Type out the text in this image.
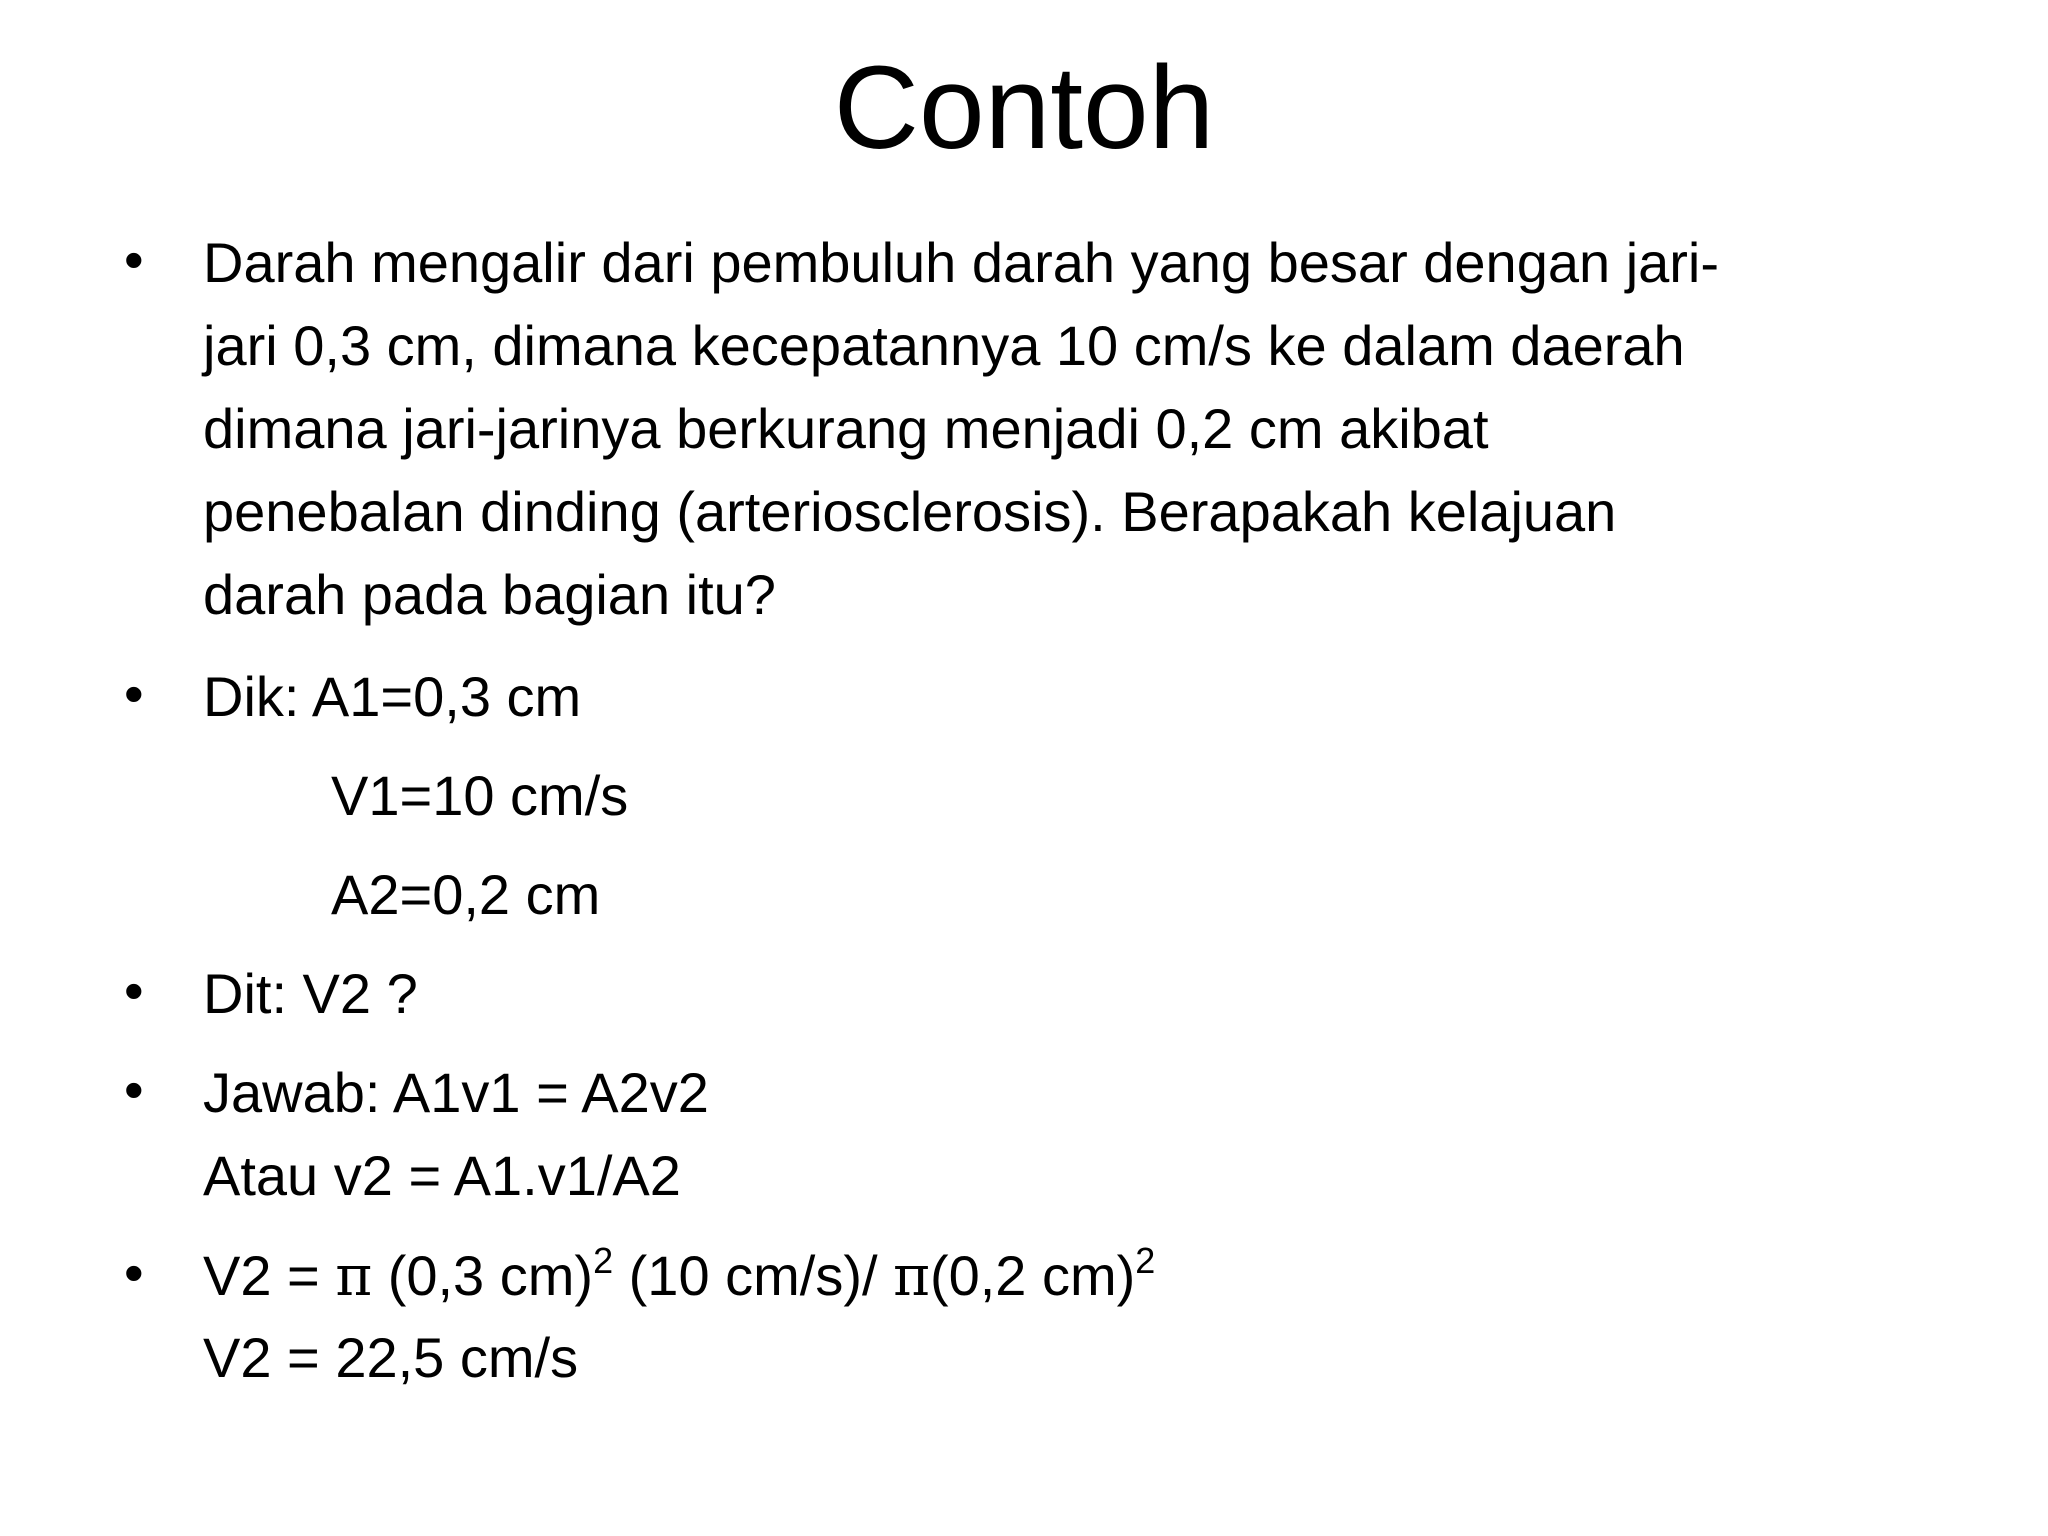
Contoh
• Darah mengalir dari pembuluh darah yang besar dengan jari-
jari 0,3 cm, dimana kecepatannya 10 cm/s ke dalam daerah
dimana jari-jarinya berkurang menjadi 0,2 cm akibat
penebalan dinding (arteriosclerosis). Berapakah kelajuan
darah pada bagian itu?
• Dik: A1=0,3 cm
V1=10 cm/s
A2=0,2 cm
• Dit: V2 ?
• Jawab: A1v1 = A2v2
Atau v2 = A1.v1/A2
• V2 = π (0,3 cm)$^2$ (10 cm/s)/ π(0,2 cm)$^2$
V2 = 22,5 cm/s
